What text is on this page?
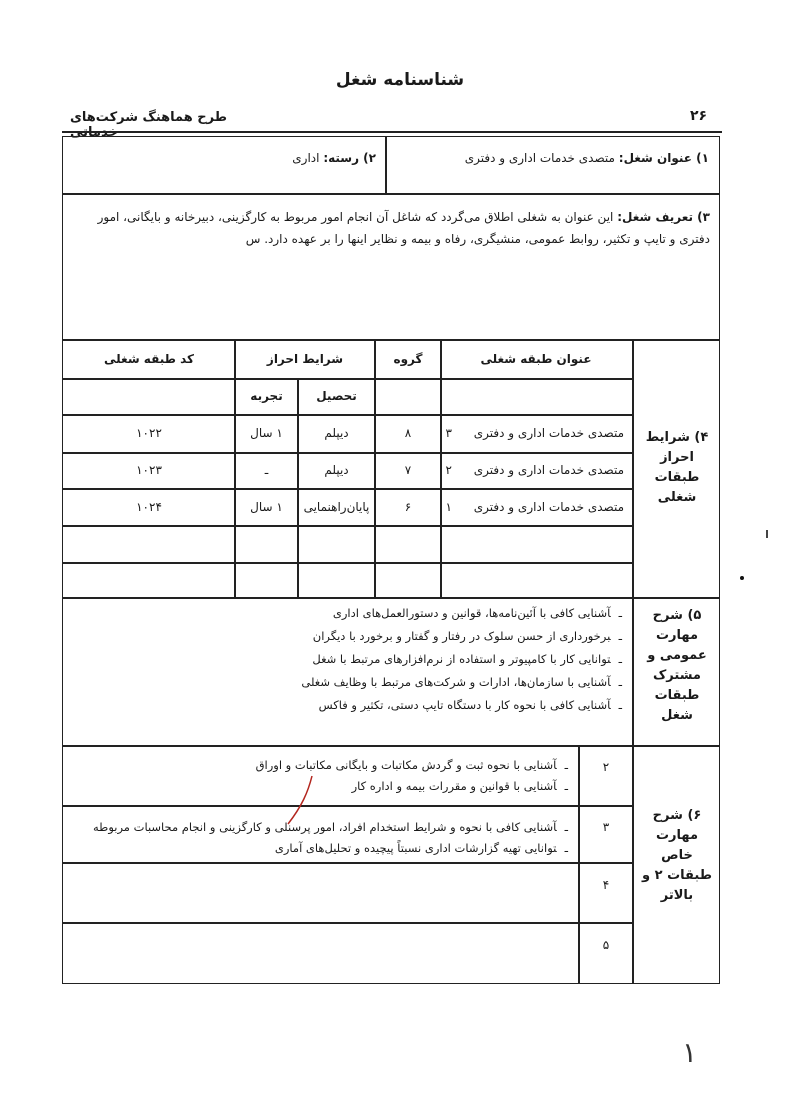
شناسنامه شغل
۲۶
طرح هماهنگ شرکت‌های
۱) عنوان شغل: متصدی خدمات اداری و دفتری
۲) رسته: اداری
۳) تعریف شغل: این عنوان به شغلی اطلاق می‌گردد که شاغل آن انجام امور مربوط به کارگزینی، دبیرخانه و بایگانی، امور دفتری و تایپ و تکثیر، روابط عمومی، منشیگری، رفاه و بیمه و نظایر اینها را بر عهده دارد. س
۴) شرایط احراز طبقات شغلی
عنوان طبقه شغلی
گروه
شرایط احراز
کد طبقه شغلی
تحصیل
تجربه
متصدی خدمات اداری و دفتری ۳
۸
دیپلم
۱ سال
۱۰۲۲
متصدی خدمات اداری و دفتری ۲
۷
دیپلم
ـ
۱۰۲۳
متصدی خدمات اداری و دفتری ۱
۶
پایان‌راهنمایی
۱ سال
۱۰۲۴
۵) شرح مهارت عمومی و مشترک طبقات شغل
ـآشنایی کافی با آئین‌نامه‌ها، قوانین و دستورالعمل‌های اداری
ـبرخورداری از حسن سلوک در رفتار و گفتار و برخورد با دیگران
ـتوانایی کار با کامپیوتر و استفاده از نرم‌افزارهای مرتبط با شغل
ـآشنایی با سازمان‌ها، ادارات و شرکت‌های مرتبط با وظایف شغلی
ـآشنایی کافی با نحوه کار با دستگاه تایپ دستی، تکثیر و فاکس
۶) شرح مهارت خاص طبقات ۲ و بالاتر
۲
ـآشنایی با نحوه ثبت و گردش مکاتبات و بایگانی مکاتبات و اوراق
ـآشنایی با قوانین و مقررات بیمه و اداره کار
۳
ـآشنایی کافی با نحوه و شرایط استخدام افراد، امور پرسنلی و کارگزینی و انجام محاسبات مربوطه
ـتوانایی تهیه گزارشات اداری نسبتاً پیچیده و تحلیل‌های آماری
۴
۵
١
